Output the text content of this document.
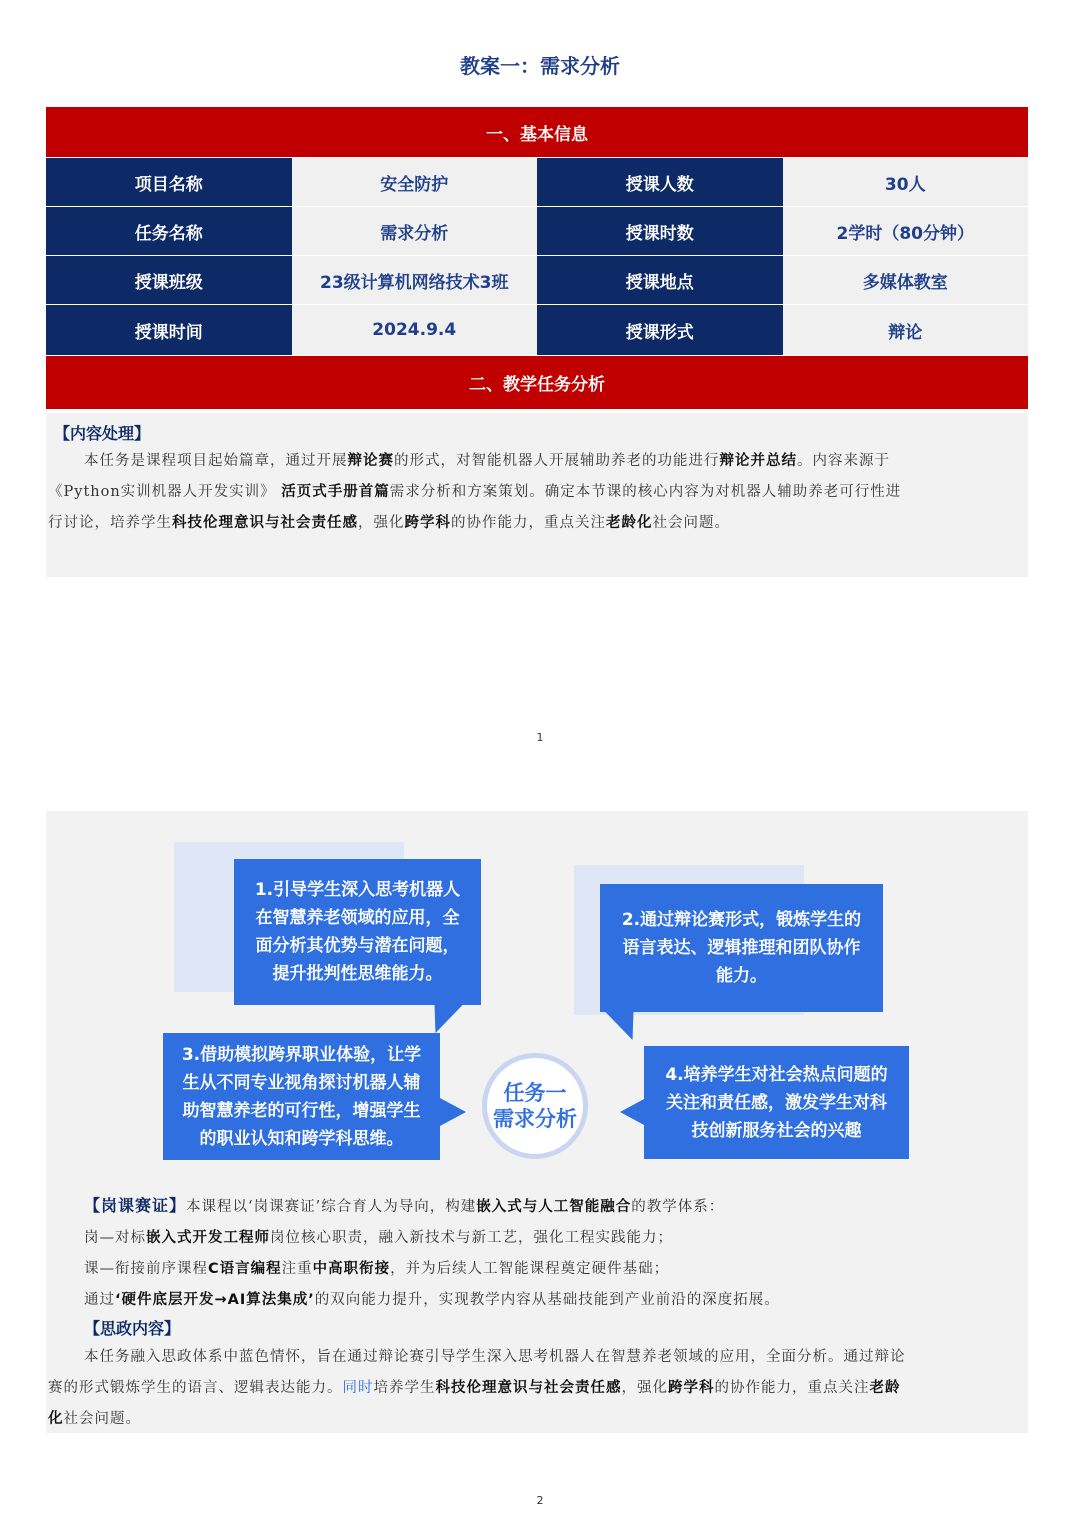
教案一：需求分析
一、基本信息
项目名称	安全防护	授课人数	30人
任务名称	需求分析	授课时数	2学时（80分钟）
授课班级	23级计算机网络技术3班	授课地点	多媒体教室
授课时间	2024.9.4	授课形式	辩论
二、教学任务分析
【内容处理】
本任务是课程项目起始篇章，通过开展辩论赛的形式，对智能机器人开展辅助养老的功能进行辩论并总结。内容来源于
《Python实训机器人开发实训》 活页式手册首篇需求分析和方案策划。确定本节课的核心内容为对机器人辅助养老可行性进
行讨论，培养学生科技伦理意识与社会责任感，强化跨学科的协作能力，重点关注老龄化社会问题。
1
1.引导学生深入思考机器人
在智慧养老领域的应用，全
面分析其优势与潜在问题，
提升批判性思维能力。
2.通过辩论赛形式，锻炼学生的
语言表达、逻辑推理和团队协作
能力。
3.借助模拟跨界职业体验，让学
生从不同专业视角探讨机器人辅
助智慧养老的可行性，增强学生
的职业认知和跨学科思维。
4.培养学生对社会热点问题的
关注和责任感，激发学生对科
技创新服务社会的兴趣
任务一
需求分析
【岗课赛证】本课程以‘岗课赛证’综合育人为导向，构建嵌入式与人工智能融合的教学体系：
岗—对标嵌入式开发工程师岗位核心职责，融入新技术与新工艺，强化工程实践能力；
课—衔接前序课程C语言编程注重中高职衔接，并为后续人工智能课程奠定硬件基础；
通过‘硬件底层开发→AI算法集成’的双向能力提升，实现教学内容从基础技能到产业前沿的深度拓展。
【思政内容】
本任务融入思政体系中蓝色情怀，旨在通过辩论赛引导学生深入思考机器人在智慧养老领域的应用，全面分析。通过辩论
赛的形式锻炼学生的语言、逻辑表达能力。同时培养学生科技伦理意识与社会责任感，强化跨学科的协作能力，重点关注老龄
化社会问题。
2
